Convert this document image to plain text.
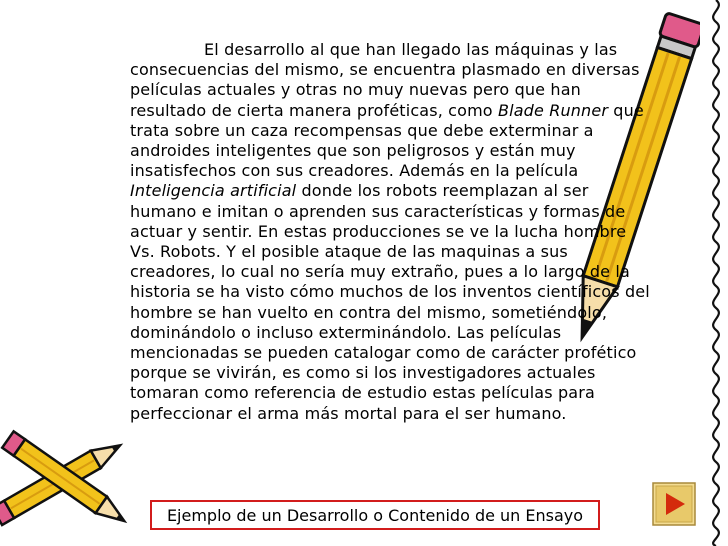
El desarrollo al que han llegado las máquinas y las consecuencias del mismo, se encuentra plasmado en diversas películas actuales y otras no muy nuevas pero que han resultado de cierta manera proféticas, como Blade Runner que trata sobre un caza recompensas que debe exterminar a androides inteligentes que son peligrosos y están muy insatisfechos con sus creadores. Además en la película Inteligencia artificial donde los robots reemplazan al ser humano e imitan o aprenden sus características y formas de actuar y sentir. En estas producciones se ve la lucha hombre Vs. Robots. Y el posible ataque de las maquinas a sus creadores, lo cual no sería muy extraño, pues a lo largo de la historia se ha visto cómo muchos de los inventos científicos del hombre se han vuelto en contra del mismo, sometiéndolo, dominándolo o incluso exterminándolo. Las películas mencionadas se pueden catalogar como de carácter profético porque se vivirán, es como si los investigadores actuales tomaran como referencia de estudio estas películas para perfeccionar el arma más mortal para el ser humano.

Ejemplo de un Desarrollo o Contenido de un Ensayo
